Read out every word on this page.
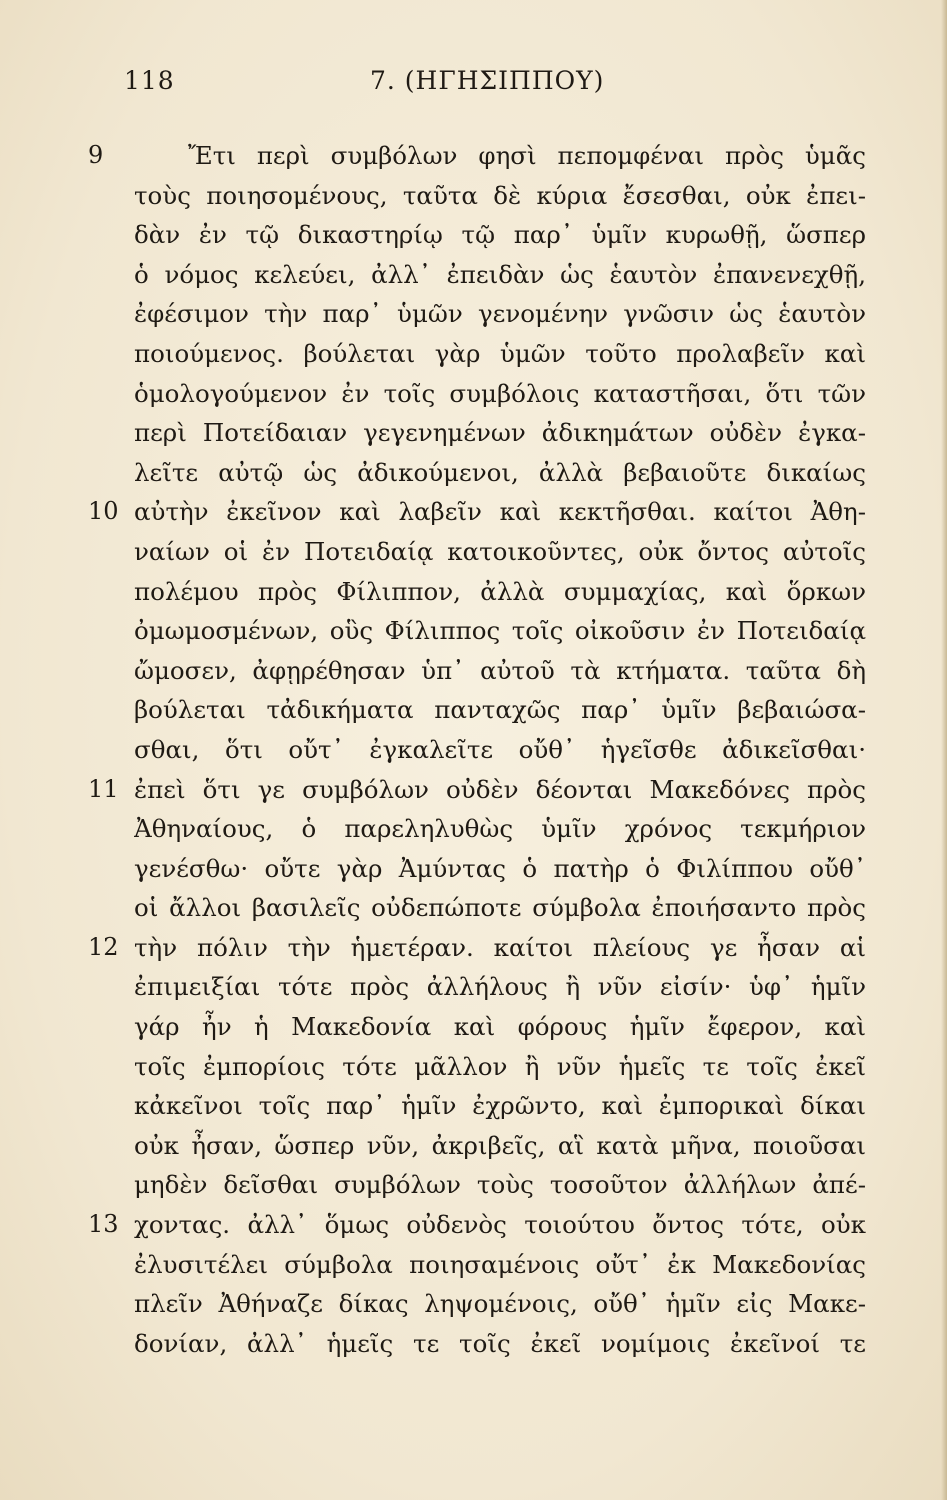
118	7. (ΗΓΗΣΙΠΠΟΥ)
9	Ἔτι περὶ συμβόλων φησὶ πεπομφέναι πρὸς ὑμᾶς
τοὺς ποιησομένους, ταῦτα δὲ κύρια ἔσεσθαι, οὐκ ἐπει-
δὰν ἐν τῷ δικαστηρίῳ τῷ παρ᾽ ὑμῖν κυρωθῇ, ὥσπερ
ὁ νόμος κελεύει, ἀλλ᾽ ἐπειδὰν ὡς ἑαυτὸν ἐπανενεχθῇ,
ἐφέσιμον τὴν παρ᾽ ὑμῶν γενομένην γνῶσιν ὡς ἑαυτὸν
ποιούμενος. βούλεται γὰρ ὑμῶν τοῦτο προλαβεῖν καὶ
ὁμολογούμενον ἐν τοῖς συμβόλοις καταστῆσαι, ὅτι τῶν
περὶ Ποτείδαιαν γεγενημένων ἀδικημάτων οὐδὲν ἐγκα-
λεῖτε αὐτῷ ὡς ἀδικούμενοι, ἀλλὰ βεβαιοῦτε δικαίως
10 αὐτὴν ἐκεῖνον καὶ λαβεῖν καὶ κεκτῆσθαι. καίτοι Ἀθη-
ναίων οἱ ἐν Ποτειδαίᾳ κατοικοῦντες, οὐκ ὄντος αὐτοῖς
πολέμου πρὸς Φίλιππον, ἀλλὰ συμμαχίας, καὶ ὅρκων
ὀμωμοσμένων, οὓς Φίλιππος τοῖς οἰκοῦσιν ἐν Ποτειδαίᾳ
ὤμοσεν, ἀφῃρέθησαν ὑπ᾽ αὐτοῦ τὰ κτήματα. ταῦτα δὴ
βούλεται τἀδικήματα πανταχῶς παρ᾽ ὑμῖν βεβαιώσα-
σθαι, ὅτι οὔτ᾽ ἐγκαλεῖτε οὔθ᾽ ἡγεῖσθε ἀδικεῖσθαι·
11 ἐπεὶ ὅτι γε συμβόλων οὐδὲν δέονται Μακεδόνες πρὸς
Ἀθηναίους, ὁ παρεληλυθὼς ὑμῖν χρόνος τεκμήριον
γενέσθω· οὔτε γὰρ Ἀμύντας ὁ πατὴρ ὁ Φιλίππου οὔθ᾽
οἱ ἄλλοι βασιλεῖς οὐδεπώποτε σύμβολα ἐποιήσαντο πρὸς
12 τὴν πόλιν τὴν ἡμετέραν. καίτοι πλείους γε ἦσαν αἱ
ἐπιμειξίαι τότε πρὸς ἀλλήλους ἢ νῦν εἰσίν· ὑφ᾽ ἡμῖν
γάρ ἦν ἡ Μακεδονία καὶ φόρους ἡμῖν ἔφερον, καὶ
τοῖς ἐμπορίοις τότε μᾶλλον ἢ νῦν ἡμεῖς τε τοῖς ἐκεῖ
κἀκεῖνοι τοῖς παρ᾽ ἡμῖν ἐχρῶντο, καὶ ἐμπορικαὶ δίκαι
οὐκ ἦσαν, ὥσπερ νῦν, ἀκριβεῖς, αἳ κατὰ μῆνα, ποιοῦσαι
μηδὲν δεῖσθαι συμβόλων τοὺς τοσοῦτον ἀλλήλων ἀπέ-
13 χοντας. ἀλλ᾽ ὅμως οὐδενὸς τοιούτου ὄντος τότε, οὐκ
ἐλυσιτέλει σύμβολα ποιησαμένοις οὔτ᾽ ἐκ Μακεδονίας
πλεῖν Ἀθήναζε δίκας ληψομένοις, οὔθ᾽ ἡμῖν εἰς Μακε-
δονίαν, ἀλλ᾽ ἡμεῖς τε τοῖς ἐκεῖ νομίμοις ἐκεῖνοί τε
